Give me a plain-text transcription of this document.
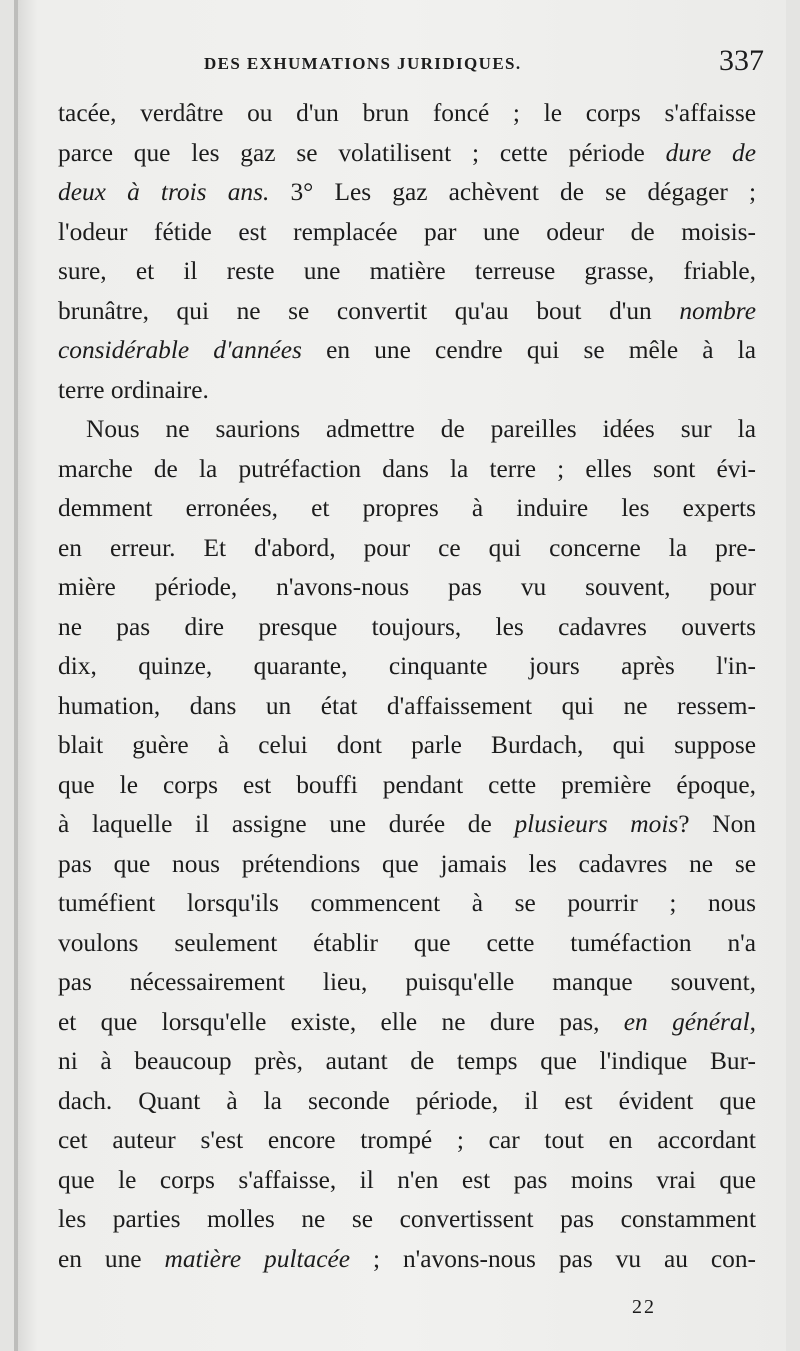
DES EXHUMATIONS JURIDIQUES.	337
tacée, verdâtre ou d'un brun foncé ; le corps s'affaisse
parce que les gaz se volatilisent ; cette période dure de
deux à trois ans. 3° Les gaz achèvent de se dégager ;
l'odeur fétide est remplacée par une odeur de moisis-
sure, et il reste une matière terreuse grasse, friable,
brunâtre, qui ne se convertit qu'au bout d'un nombre
considérable d'années en une cendre qui se mêle à la
terre ordinaire.
Nous ne saurions admettre de pareilles idées sur la
marche de la putréfaction dans la terre ; elles sont évi-
demment erronées, et propres à induire les experts
en erreur. Et d'abord, pour ce qui concerne la pre-
mière période, n'avons-nous pas vu souvent, pour
ne pas dire presque toujours, les cadavres ouverts
dix, quinze, quarante, cinquante jours après l'in-
humation, dans un état d'affaissement qui ne ressem-
blait guère à celui dont parle Burdach, qui suppose
que le corps est bouffi pendant cette première époque,
à laquelle il assigne une durée de plusieurs mois? Non
pas que nous prétendions que jamais les cadavres ne se
tuméfient lorsqu'ils commencent à se pourrir ; nous
voulons seulement établir que cette tuméfaction n'a
pas nécessairement lieu, puisqu'elle manque souvent,
et que lorsqu'elle existe, elle ne dure pas, en général,
ni à beaucoup près, autant de temps que l'indique Bur-
dach. Quant à la seconde période, il est évident que
cet auteur s'est encore trompé ; car tout en accordant
que le corps s'affaisse, il n'en est pas moins vrai que
les parties molles ne se convertissent pas constamment
en une matière pultacée ; n'avons-nous pas vu au con-
22
